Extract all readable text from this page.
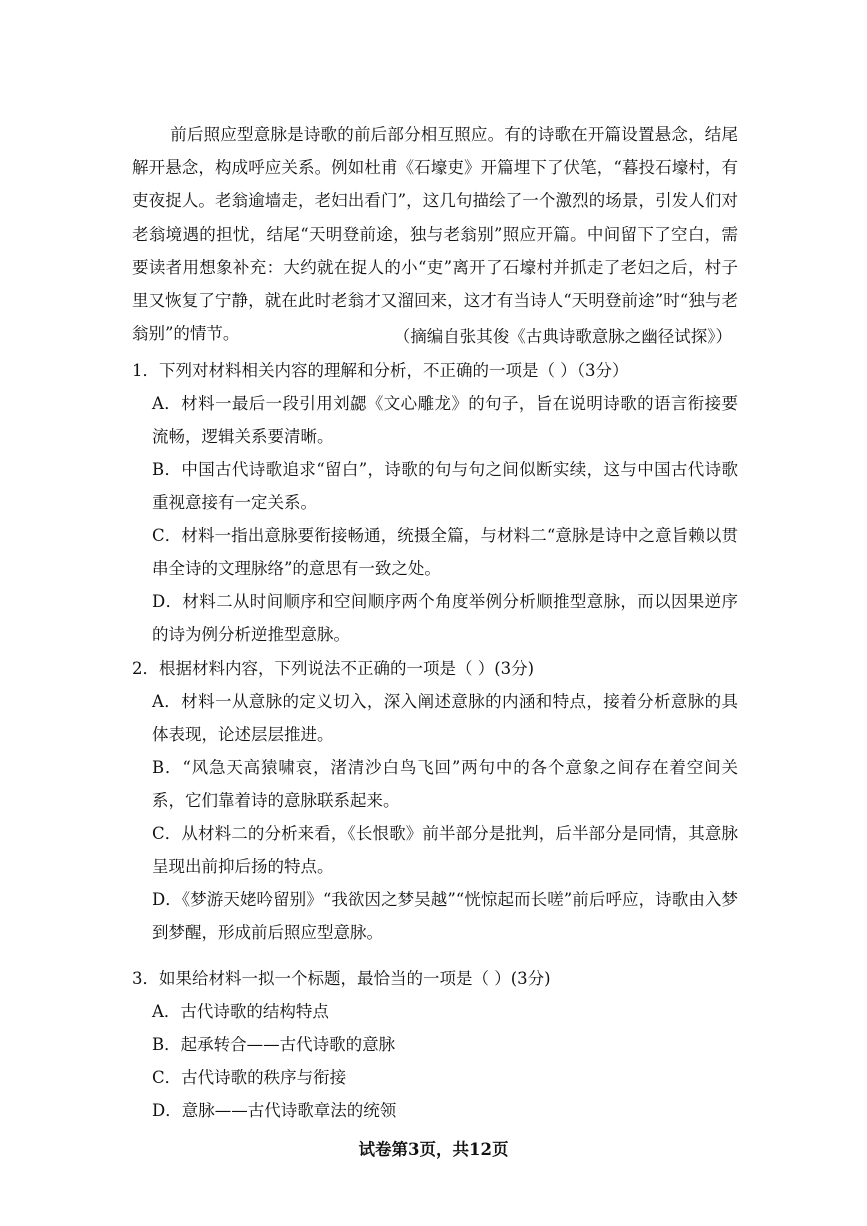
前后照应型意脉是诗歌的前后部分相互照应。有的诗歌在开篇设置悬念，结尾解开悬念，构成呼应关系。例如杜甫《石壕吏》开篇埋下了伏笔，“暮投石壕村，有吏夜捉人。老翁逾墙走，老妇出看门”，这几句描绘了一个激烈的场景，引发人们对老翁境遇的担忧，结尾“天明登前途，独与老翁别”照应开篇。中间留下了空白，需要读者用想象补充：大约就在捉人的小“吏”离开了石壕村并抓走了老妇之后，村子里又恢复了宁静，就在此时老翁才又溜回来，这才有当诗人“天明登前途”时“独与老翁别”的情节。	（摘编自张其俊《古典诗歌意脉之幽径试探》）

1．下列对材料相关内容的理解和分析，不正确的一项是（ ）（3分）
A．材料一最后一段引用刘勰《文心雕龙》的句子，旨在说明诗歌的语言衔接要流畅，逻辑关系要清晰。
B．中国古代诗歌追求“留白”，诗歌的句与句之间似断实续，这与中国古代诗歌重视意接有一定关系。
C．材料一指出意脉要衔接畅通，统摄全篇，与材料二“意脉是诗中之意旨赖以贯串全诗的文理脉络”的意思有一致之处。
D．材料二从时间顺序和空间顺序两个角度举例分析顺推型意脉，而以因果逆序的诗为例分析逆推型意脉。
2．根据材料内容，下列说法不正确的一项是（ ）(3分)
A．材料一从意脉的定义切入，深入阐述意脉的内涵和特点，接着分析意脉的具体表现，论述层层推进。
B．“风急天高猿啸哀，渚清沙白鸟飞回”两句中的各个意象之间存在着空间关系，它们靠着诗的意脉联系起来。
C．从材料二的分析来看，《长恨歌》前半部分是批判，后半部分是同情，其意脉呈现出前抑后扬的特点。
D．《梦游天姥吟留别》“我欲因之梦吴越”“恍惊起而长嗟”前后呼应，诗歌由入梦到梦醒，形成前后照应型意脉。
3．如果给材料一拟一个标题，最恰当的一项是（ ）(3分)
A．古代诗歌的结构特点
B．起承转合——古代诗歌的意脉
C．古代诗歌的秩序与衔接
D．意脉——古代诗歌章法的统领
试卷第3页，共12页
